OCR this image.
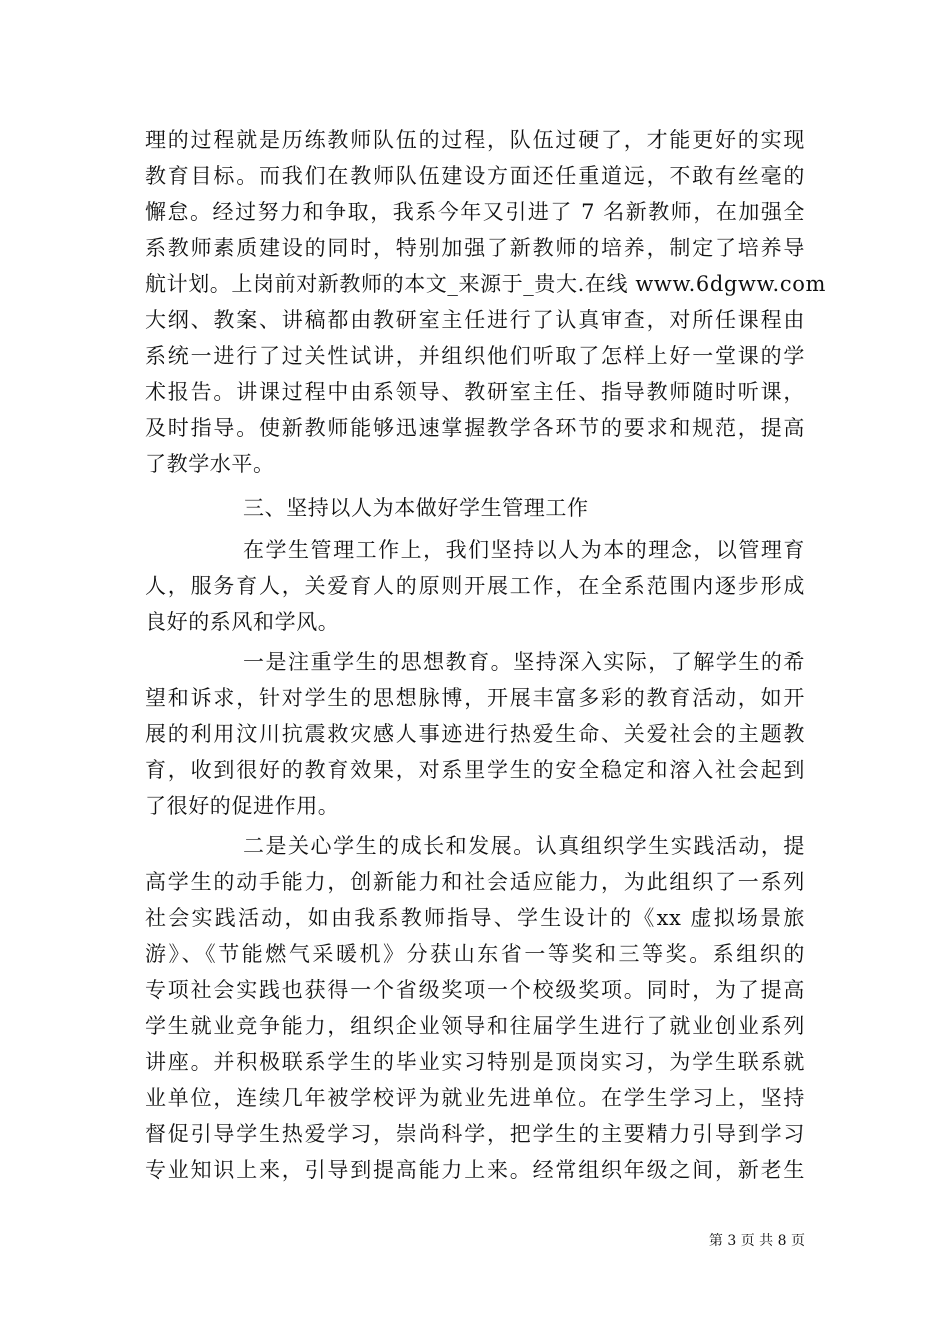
理的过程就是历练教师队伍的过程，队伍过硬了，才能更好的实现
教育目标。而我们在教师队伍建设方面还任重道远，不敢有丝毫的
懈怠。经过努力和争取，我系今年又引进了 7 名新教师，在加强全
系教师素质建设的同时，特别加强了新教师的培养，制定了培养导
航计划。上岗前对新教师的本文_来源于_贵大.在线 www.6dgww.com
大纲、教案、讲稿都由教研室主任进行了认真审查，对所任课程由
系统一进行了过关性试讲，并组织他们听取了怎样上好一堂课的学
术报告。讲课过程中由系领导、教研室主任、指导教师随时听课，
及时指导。使新教师能够迅速掌握教学各环节的要求和规范，提高
了教学水平。
三、坚持以人为本做好学生管理工作
在学生管理工作上，我们坚持以人为本的理念，以管理育
人，服务育人，关爱育人的原则开展工作，在全系范围内逐步形成
良好的系风和学风。
一是注重学生的思想教育。坚持深入实际，了解学生的希
望和诉求，针对学生的思想脉博，开展丰富多彩的教育活动，如开
展的利用汶川抗震救灾感人事迹进行热爱生命、关爱社会的主题教
育，收到很好的教育效果，对系里学生的安全稳定和溶入社会起到
了很好的促进作用。
二是关心学生的成长和发展。认真组织学生实践活动，提
高学生的动手能力，创新能力和社会适应能力，为此组织了一系列
社会实践活动，如由我系教师指导、学生设计的《xx 虚拟场景旅
游》、《节能燃气采暖机》分获山东省一等奖和三等奖。系组织的
专项社会实践也获得一个省级奖项一个校级奖项。同时，为了提高
学生就业竞争能力，组织企业领导和往届学生进行了就业创业系列
讲座。并积极联系学生的毕业实习特别是顶岗实习，为学生联系就
业单位，连续几年被学校评为就业先进单位。在学生学习上，坚持
督促引导学生热爱学习，崇尚科学，把学生的主要精力引导到学习
专业知识上来，引导到提高能力上来。经常组织年级之间，新老生
第 3 页 共 8 页
